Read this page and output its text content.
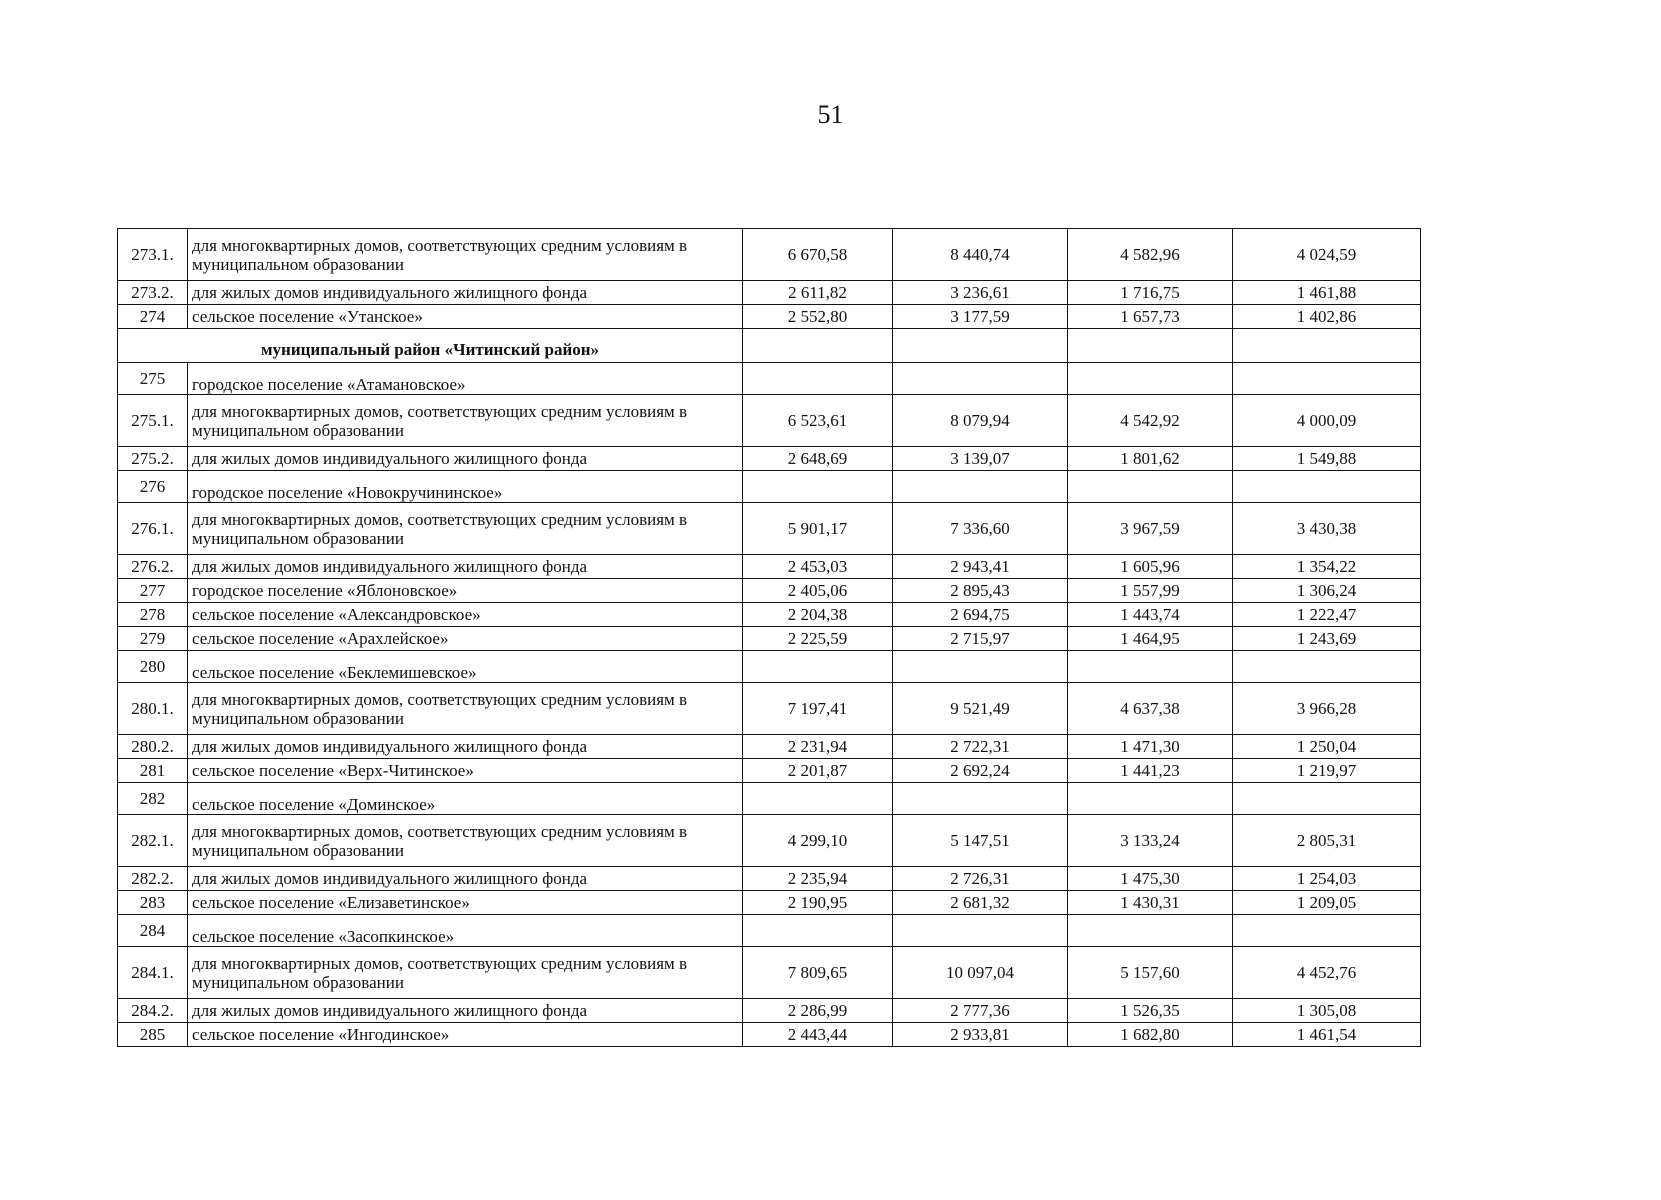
51
273.1.	для многоквартирных домов, соответствующих средним условиям в муниципальном образовании	6 670,58	8 440,74	4 582,96	4 024,59
273.2.	для жилых домов индивидуального жилищного фонда	2 611,82	3 236,61	1 716,75	1 461,88
274	сельское поселение «Утанское»	2 552,80	3 177,59	1 657,73	1 402,86
муниципальный район «Читинский район»					
275	городское поселение «Атамановское»				
275.1.	для многоквартирных домов, соответствующих средним условиям в муниципальном образовании	6 523,61	8 079,94	4 542,92	4 000,09
275.2.	для жилых домов индивидуального жилищного фонда	2 648,69	3 139,07	1 801,62	1 549,88
276	городское поселение «Новокручининское»				
276.1.	для многоквартирных домов, соответствующих средним условиям в муниципальном образовании	5 901,17	7 336,60	3 967,59	3 430,38
276.2.	для жилых домов индивидуального жилищного фонда	2 453,03	2 943,41	1 605,96	1 354,22
277	городское поселение «Яблоновское»	2 405,06	2 895,43	1 557,99	1 306,24
278	сельское поселение «Александровское»	2 204,38	2 694,75	1 443,74	1 222,47
279	сельское поселение «Арахлейское»	2 225,59	2 715,97	1 464,95	1 243,69
280	сельское поселение «Беклемишевское»				
280.1.	для многоквартирных домов, соответствующих средним условиям в муниципальном образовании	7 197,41	9 521,49	4 637,38	3 966,28
280.2.	для жилых домов индивидуального жилищного фонда	2 231,94	2 722,31	1 471,30	1 250,04
281	сельское поселение «Верх-Читинское»	2 201,87	2 692,24	1 441,23	1 219,97
282	сельское поселение «Доминское»				
282.1.	для многоквартирных домов, соответствующих средним условиям в муниципальном образовании	4 299,10	5 147,51	3 133,24	2 805,31
282.2.	для жилых домов индивидуального жилищного фонда	2 235,94	2 726,31	1 475,30	1 254,03
283	сельское поселение «Елизаветинское»	2 190,95	2 681,32	1 430,31	1 209,05
284	сельское поселение «Засопкинское»				
284.1.	для многоквартирных домов, соответствующих средним условиям в муниципальном образовании	7 809,65	10 097,04	5 157,60	4 452,76
284.2.	для жилых домов индивидуального жилищного фонда	2 286,99	2 777,36	1 526,35	1 305,08
285	сельское поселение «Ингодинское»	2 443,44	2 933,81	1 682,80	1 461,54
